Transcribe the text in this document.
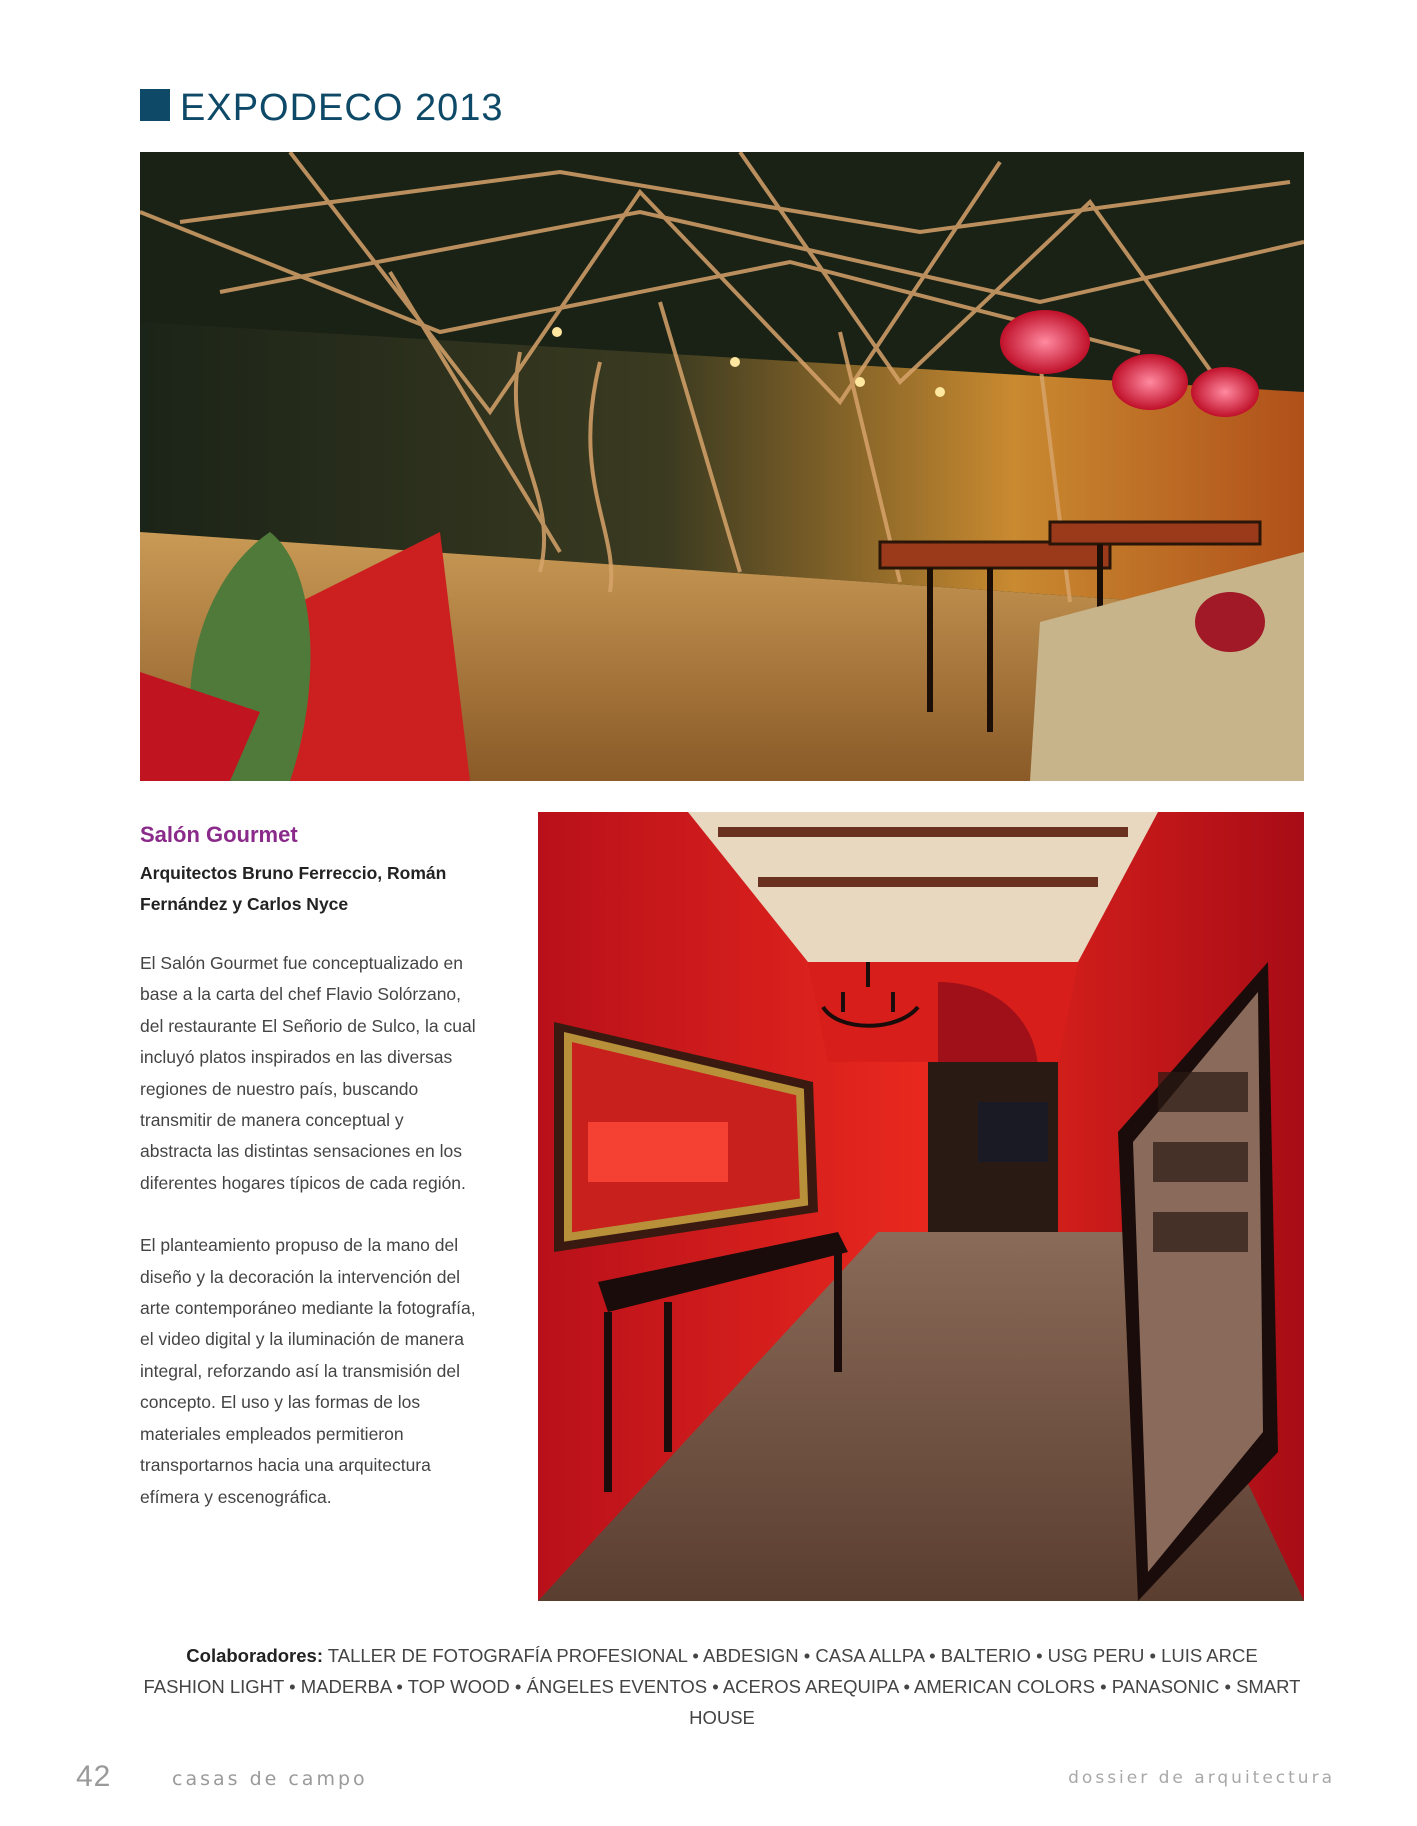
EXPODECO 2013
Salón Gourmet
Arquitectos Bruno Ferreccio, Román Fernández y Carlos Nyce
El Salón Gourmet fue conceptualizado en base a la carta del chef Flavio Solórzano, del restaurante El Señorio de Sulco, la cual incluyó platos inspirados en las diversas regiones de nuestro país, buscando transmitir de manera conceptual y abstracta las distintas sensaciones en los diferentes hogares típicos de cada región.
El planteamiento propuso de la mano del diseño y la decoración la intervención del arte contemporáneo mediante la fotografía, el video digital y la iluminación de manera integral, reforzando así la transmisión del concepto. El uso y las formas de los materiales empleados permitieron transportarnos hacia una arquitectura efímera y escenográfica.
Colaboradores: TALLER DE FOTOGRAFÍA PROFESIONAL • ABDESIGN • CASA ALLPA • BALTERIO • USG PERU • LUIS ARCE
FASHION LIGHT • MADERBA • TOP WOOD • ÁNGELES EVENTOS • ACEROS AREQUIPA • AMERICAN COLORS • PANASONIC • SMART HOUSE
42	casas de campo	dossier de arquitectura
